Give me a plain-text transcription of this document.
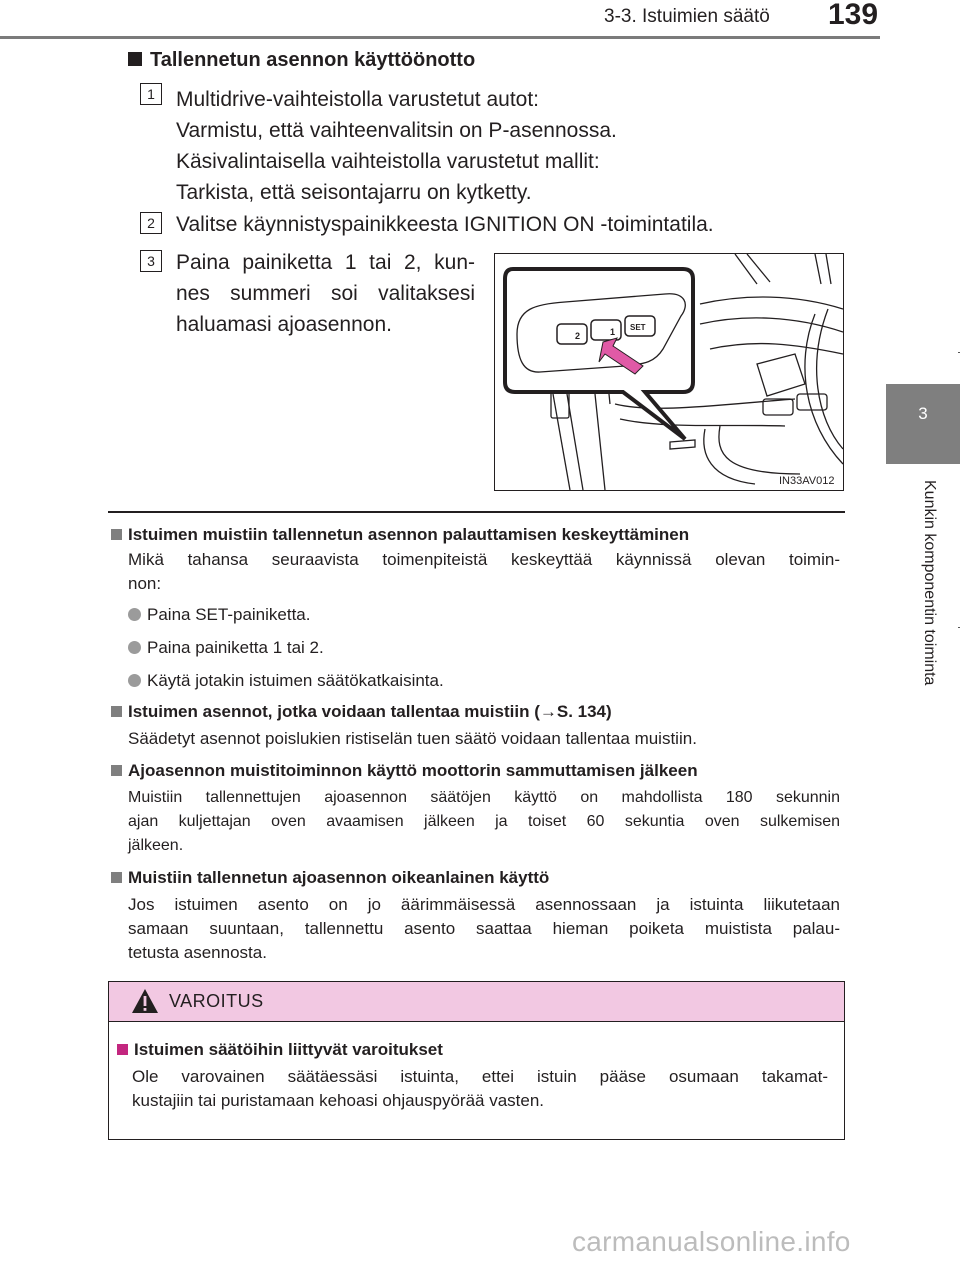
3-3. Istuimien säätö 139
3
Kunkin komponentin toiminta
Tallennetun asennon käyttöönotto
1	Multidrive-vaihteistolla varustetut autot:
Varmistu, että vaihteenvalitsin on P-asennossa.
Käsivalintaisella vaihteistolla varustetut mallit:
Tarkista, että seisontajarru on kytketty.
2	Valitse käynnistyspainikkeesta IGNITION ON -toimintatila.
3	Paina painiketta 1 tai 2, kun-
nes summeri soi valitaksesi
haluamasi ajoasennon.	2	1 SET
IN33AV012
Istuimen muistiin tallennetun asennon palauttamisen keskeyttäminen
Mikä tahansa seuraavista toimenpiteistä keskeyttää käynnissä olevan toimin-
non:
Paina SET-painiketta.
Paina painiketta 1 tai 2.
Käytä jotakin istuimen säätökatkaisinta.
Istuimen asennot, jotka voidaan tallentaa muistiin (→S. 134)
Säädetyt asennot poislukien ristiselän tuen säätö voidaan tallentaa muistiin.
Ajoasennon muistitoiminnon käyttö moottorin sammuttamisen jälkeen
Muistiin tallennettujen ajoasennon säätöjen käyttö on mahdollista 180 sekunnin
ajan kuljettajan oven avaamisen jälkeen ja toiset 60 sekuntia oven sulkemisen
jälkeen.
Muistiin tallennetun ajoasennon oikeanlainen käyttö
Jos istuimen asento on jo äärimmäisessä asennossaan ja istuinta liikutetaan
samaan suuntaan, tallennettu asento saattaa hieman poiketa muistista palau-
tetusta asennosta.
VAROITUS
Istuimen säätöihin liittyvät varoitukset
Ole varovainen säätäessäsi istuinta, ettei istuin pääse osumaan takamat-
kustajiin tai puristamaan kehoasi ohjauspyörää vasten.
carmanualsonline.info
